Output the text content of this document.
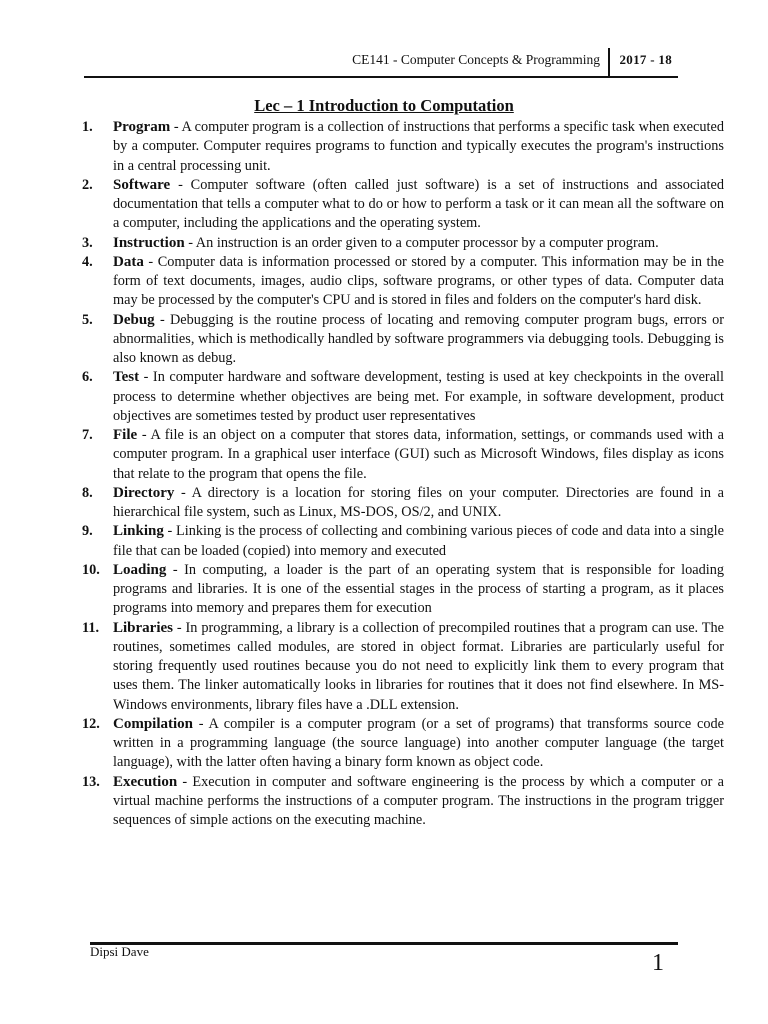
CE141 - Computer Concepts & Programming 2017 - 18
Lec – 1 Introduction to Computation
1.	Program - A computer program is a collection of instructions that performs a specific task when executed by a computer. Computer requires programs to function and typically executes the program's instructions in a central processing unit.
2.	Software - Computer software (often called just software) is a set of instructions and associated documentation that tells a computer what to do or how to perform a task or it can mean all the software on a computer, including the applications and the operating system.
3.	Instruction - An instruction is an order given to a computer processor by a computer program.
4.	Data - Computer data is information processed or stored by a computer. This information may be in the form of text documents, images, audio clips, software programs, or other types of data. Computer data may be processed by the computer's CPU and is stored in files and folders on the computer's hard disk.
5.	Debug - Debugging is the routine process of locating and removing computer program bugs, errors or abnormalities, which is methodically handled by software programmers via debugging tools. Debugging is also known as debug.
6.	Test - In computer hardware and software development, testing is used at key checkpoints in the overall process to determine whether objectives are being met. For example, in software development, product objectives are sometimes tested by product user representatives
7.	File - A file is an object on a computer that stores data, information, settings, or commands used with a computer program. In a graphical user interface (GUI) such as Microsoft Windows, files display as icons that relate to the program that opens the file.
8.	Directory - A directory is a location for storing files on your computer. Directories are found in a hierarchical file system, such as Linux, MS-DOS, OS/2, and UNIX.
9.	Linking - Linking is the process of collecting and combining various pieces of code and data into a single file that can be loaded (copied) into memory and executed
10. Loading - In computing, a loader is the part of an operating system that is responsible for loading programs and libraries. It is one of the essential stages in the process of starting a program, as it places programs into memory and prepares them for execution
11. Libraries - In programming, a library is a collection of precompiled routines that a program can use. The routines, sometimes called modules, are stored in object format. Libraries are particularly useful for storing frequently used routines because you do not need to explicitly link them to every program that uses them. The linker automatically looks in libraries for routines that it does not find elsewhere. In MS-Windows environments, library files have a .DLL extension.
12. Compilation - A compiler is a computer program (or a set of programs) that transforms source code written in a programming language (the source language) into another computer language (the target language), with the latter often having a binary form known as object code.
13. Execution - Execution in computer and software engineering is the process by which a computer or a virtual machine performs the instructions of a computer program. The instructions in the program trigger sequences of simple actions on the executing machine.
Dipsi Dave	1
